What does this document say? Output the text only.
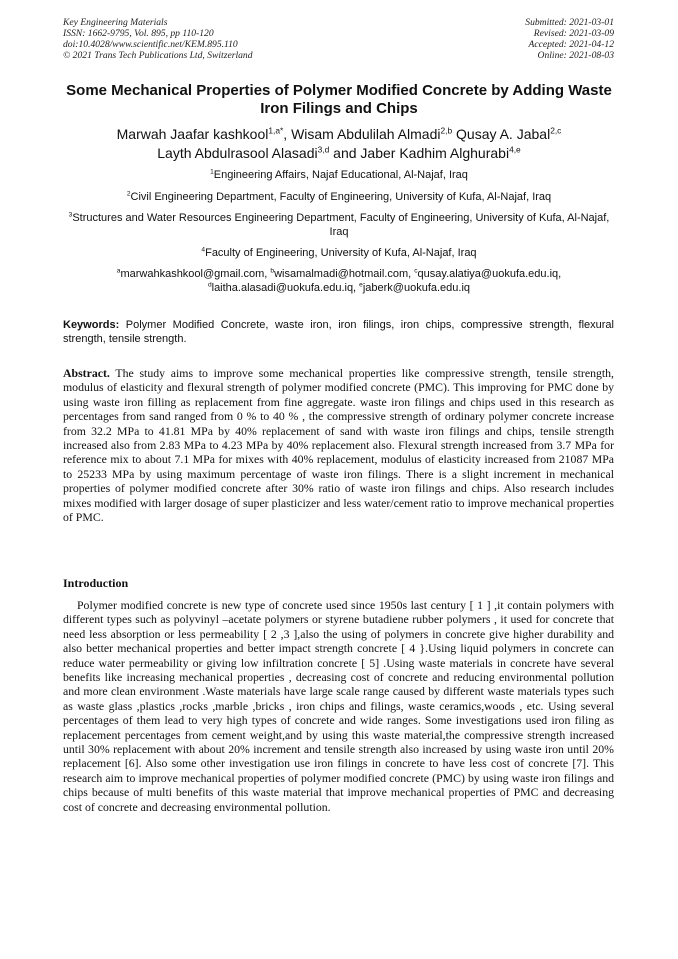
Key Engineering Materials
ISSN: 1662-9795, Vol. 895, pp 110-120
doi:10.4028/www.scientific.net/KEM.895.110
© 2021 Trans Tech Publications Ltd, Switzerland
Submitted: 2021-03-01
Revised: 2021-03-09
Accepted: 2021-04-12
Online: 2021-08-03
Some Mechanical Properties of Polymer Modified Concrete by Adding Waste Iron Filings and Chips
Marwah Jaafar kashkool$^{1,a*}$, Wisam Abdulilah Almadi$^{2,b}$ Qusay A. Jabal$^{2,c}$
Layth Abdulrasool Alasadi$^{3,d}$ and Jaber Kadhim Alghurabi$^{4,e}$
$^1$Engineering Affairs, Najaf Educational, Al-Najaf, Iraq
$^2$Civil Engineering Department, Faculty of Engineering, University of Kufa, Al-Najaf, Iraq
$^3$Structures and Water Resources Engineering Department, Faculty of Engineering, University of Kufa, Al-Najaf, Iraq
$^4$Faculty of Engineering, University of Kufa, Al-Najaf, Iraq
$^a$marwahkashkool@gmail.com, $^b$wisamalmadi@hotmail.com, $^c$qusay.alatiya@uokufa.edu.iq,
$^d$laitha.alasadi@uokufa.edu.iq, $^e$jaberk@uokufa.edu.iq
Keywords: Polymer Modified Concrete, waste iron, iron filings, iron chips, compressive strength, flexural strength, tensile strength.
Abstract. The study aims to improve some mechanical properties like compressive strength, tensile strength, modulus of elasticity and flexural strength of polymer modified concrete (PMC). This improving for PMC done by using waste iron filling as replacement from fine aggregate. waste iron filings and chips used in this research as percentages from sand ranged from 0 % to 40 % , the compressive strength of ordinary polymer concrete increase from 32.2 MPa to 41.81 MPa by 40% replacement of sand with waste iron filings and chips, tensile strength increased also from 2.83 MPa to 4.23 MPa by 40% replacement also. Flexural strength increased from 3.7 MPa for reference mix to about 7.1 MPa for mixes with 40% replacement, modulus of elasticity increased from 21087 MPa to 25233 MPa by using maximum percentage of waste iron filings. There is a slight increment in mechanical properties of polymer modified concrete after 30% ratio of waste iron filings and chips. Also research includes mixes modified with larger dosage of super plasticizer and less water/cement ratio to improve mechanical properties of PMC.
Introduction
Polymer modified concrete is new type of concrete used since 1950s last century [ 1 ] ,it contain polymers with different types such as polyvinyl –acetate polymers or styrene butadiene rubber polymers , it used for concrete that need less absorption or less permeability [ 2 ,3 ],also the using of polymers in concrete give higher durability and also better mechanical properties and better impact strength concrete [ 4 }.Using liquid polymers in concrete can reduce water permeability or giving low infiltration concrete [ 5] .Using waste materials in concrete have several benefits like increasing mechanical properties , decreasing cost of concrete and reducing environmental pollution and more clean environment .Waste materials have large scale range caused by different waste materials types such as waste glass ,plastics ,rocks ,marble ,bricks , iron chips and filings, waste ceramics,woods , etc. Using several percentages of them lead to very high types of concrete and wide ranges. Some investigations used iron filing as replacement percentages from cement weight,and by using this waste material,the compressive strength increased until 30% replacement with about 20% increment and tensile strength also increased by using waste iron until 20% replacement [6]. Also some other investigation use iron filings in concrete to have less cost of concrete [7]. This research aim to improve mechanical properties of polymer modified concrete (PMC) by using waste iron filings and chips because of multi benefits of this waste material that improve mechanical properties of PMC and decreasing cost of concrete and decreasing environmental pollution.
